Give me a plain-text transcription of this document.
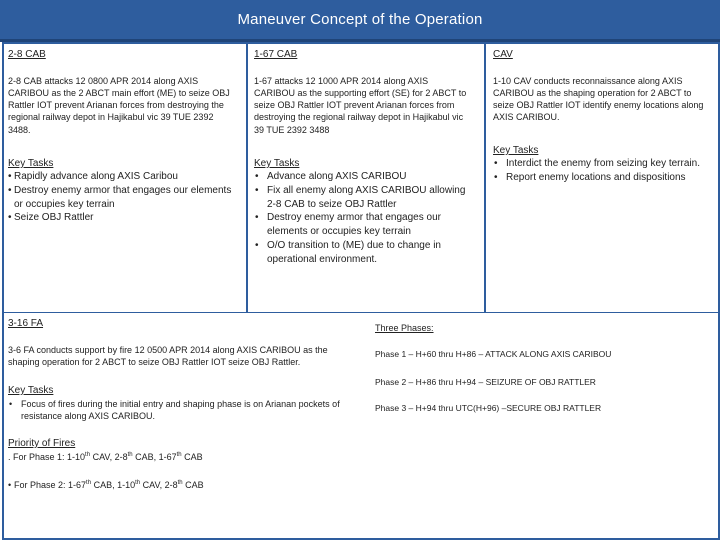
Maneuver Concept of the Operation
2-8 CAB
2-8 CAB attacks 12 0800 APR 2014 along AXIS CARIBOU as the 2 ABCT main effort (ME) to seize OBJ Rattler IOT prevent Arianan forces from destroying the regional railway depot in Hajikabul vic 39 TUE 2392 3488.
Key Tasks
• Rapidly advance along AXIS Caribou
• Destroy enemy armor that engages our elements or occupies key terrain
• Seize OBJ Rattler
1-67 CAB
1-67 attacks 12 1000 APR 2014 along AXIS CARIBOU as the supporting effort (SE) for 2 ABCT to seize OBJ Rattler IOT prevent Arianan forces from destroying the regional railway depot in Hajikabul vic 39 TUE 2392 3488
Key Tasks
• Advance along AXIS CARIBOU
• Fix all enemy along AXIS CARIBOU allowing 2-8 CAB to seize OBJ Rattler
• Destroy enemy armor that engages our elements or occupies key terrain
• O/O transition to (ME) due to change in operational environment.
CAV
1-10 CAV conducts reconnaissance along AXIS CARIBOU as the shaping operation for 2 ABCT to seize OBJ Rattler IOT identify enemy locations along AXIS CARIBOU.
Key Tasks
• Interdict the enemy from seizing key terrain.
• Report enemy locations and dispositions
3-16 FA
3-6 FA conducts support by fire 12 0500 APR 2014 along AXIS CARIBOU as the shaping operation for 2 ABCT to seize OBJ Rattler IOT seize OBJ Rattler.
Key Tasks
• Focus of fires during the initial entry and shaping phase is on Arianan pockets of resistance along AXIS CARIBOU.
Priority of Fires
. For Phase 1: 1-10th CAV, 2-8th CAB, 1-67th CAB
• For Phase 2: 1-67th CAB, 1-10th CAV, 2-8th CAB
Three Phases:
Phase 1 – H+60 thru H+86 – ATTACK ALONG AXIS CARIBOU
Phase 2 – H+86 thru H+94 – SEIZURE OF OBJ RATTLER
Phase 3 – H+94 thru UTC(H+96) –SECURE OBJ RATTLER
